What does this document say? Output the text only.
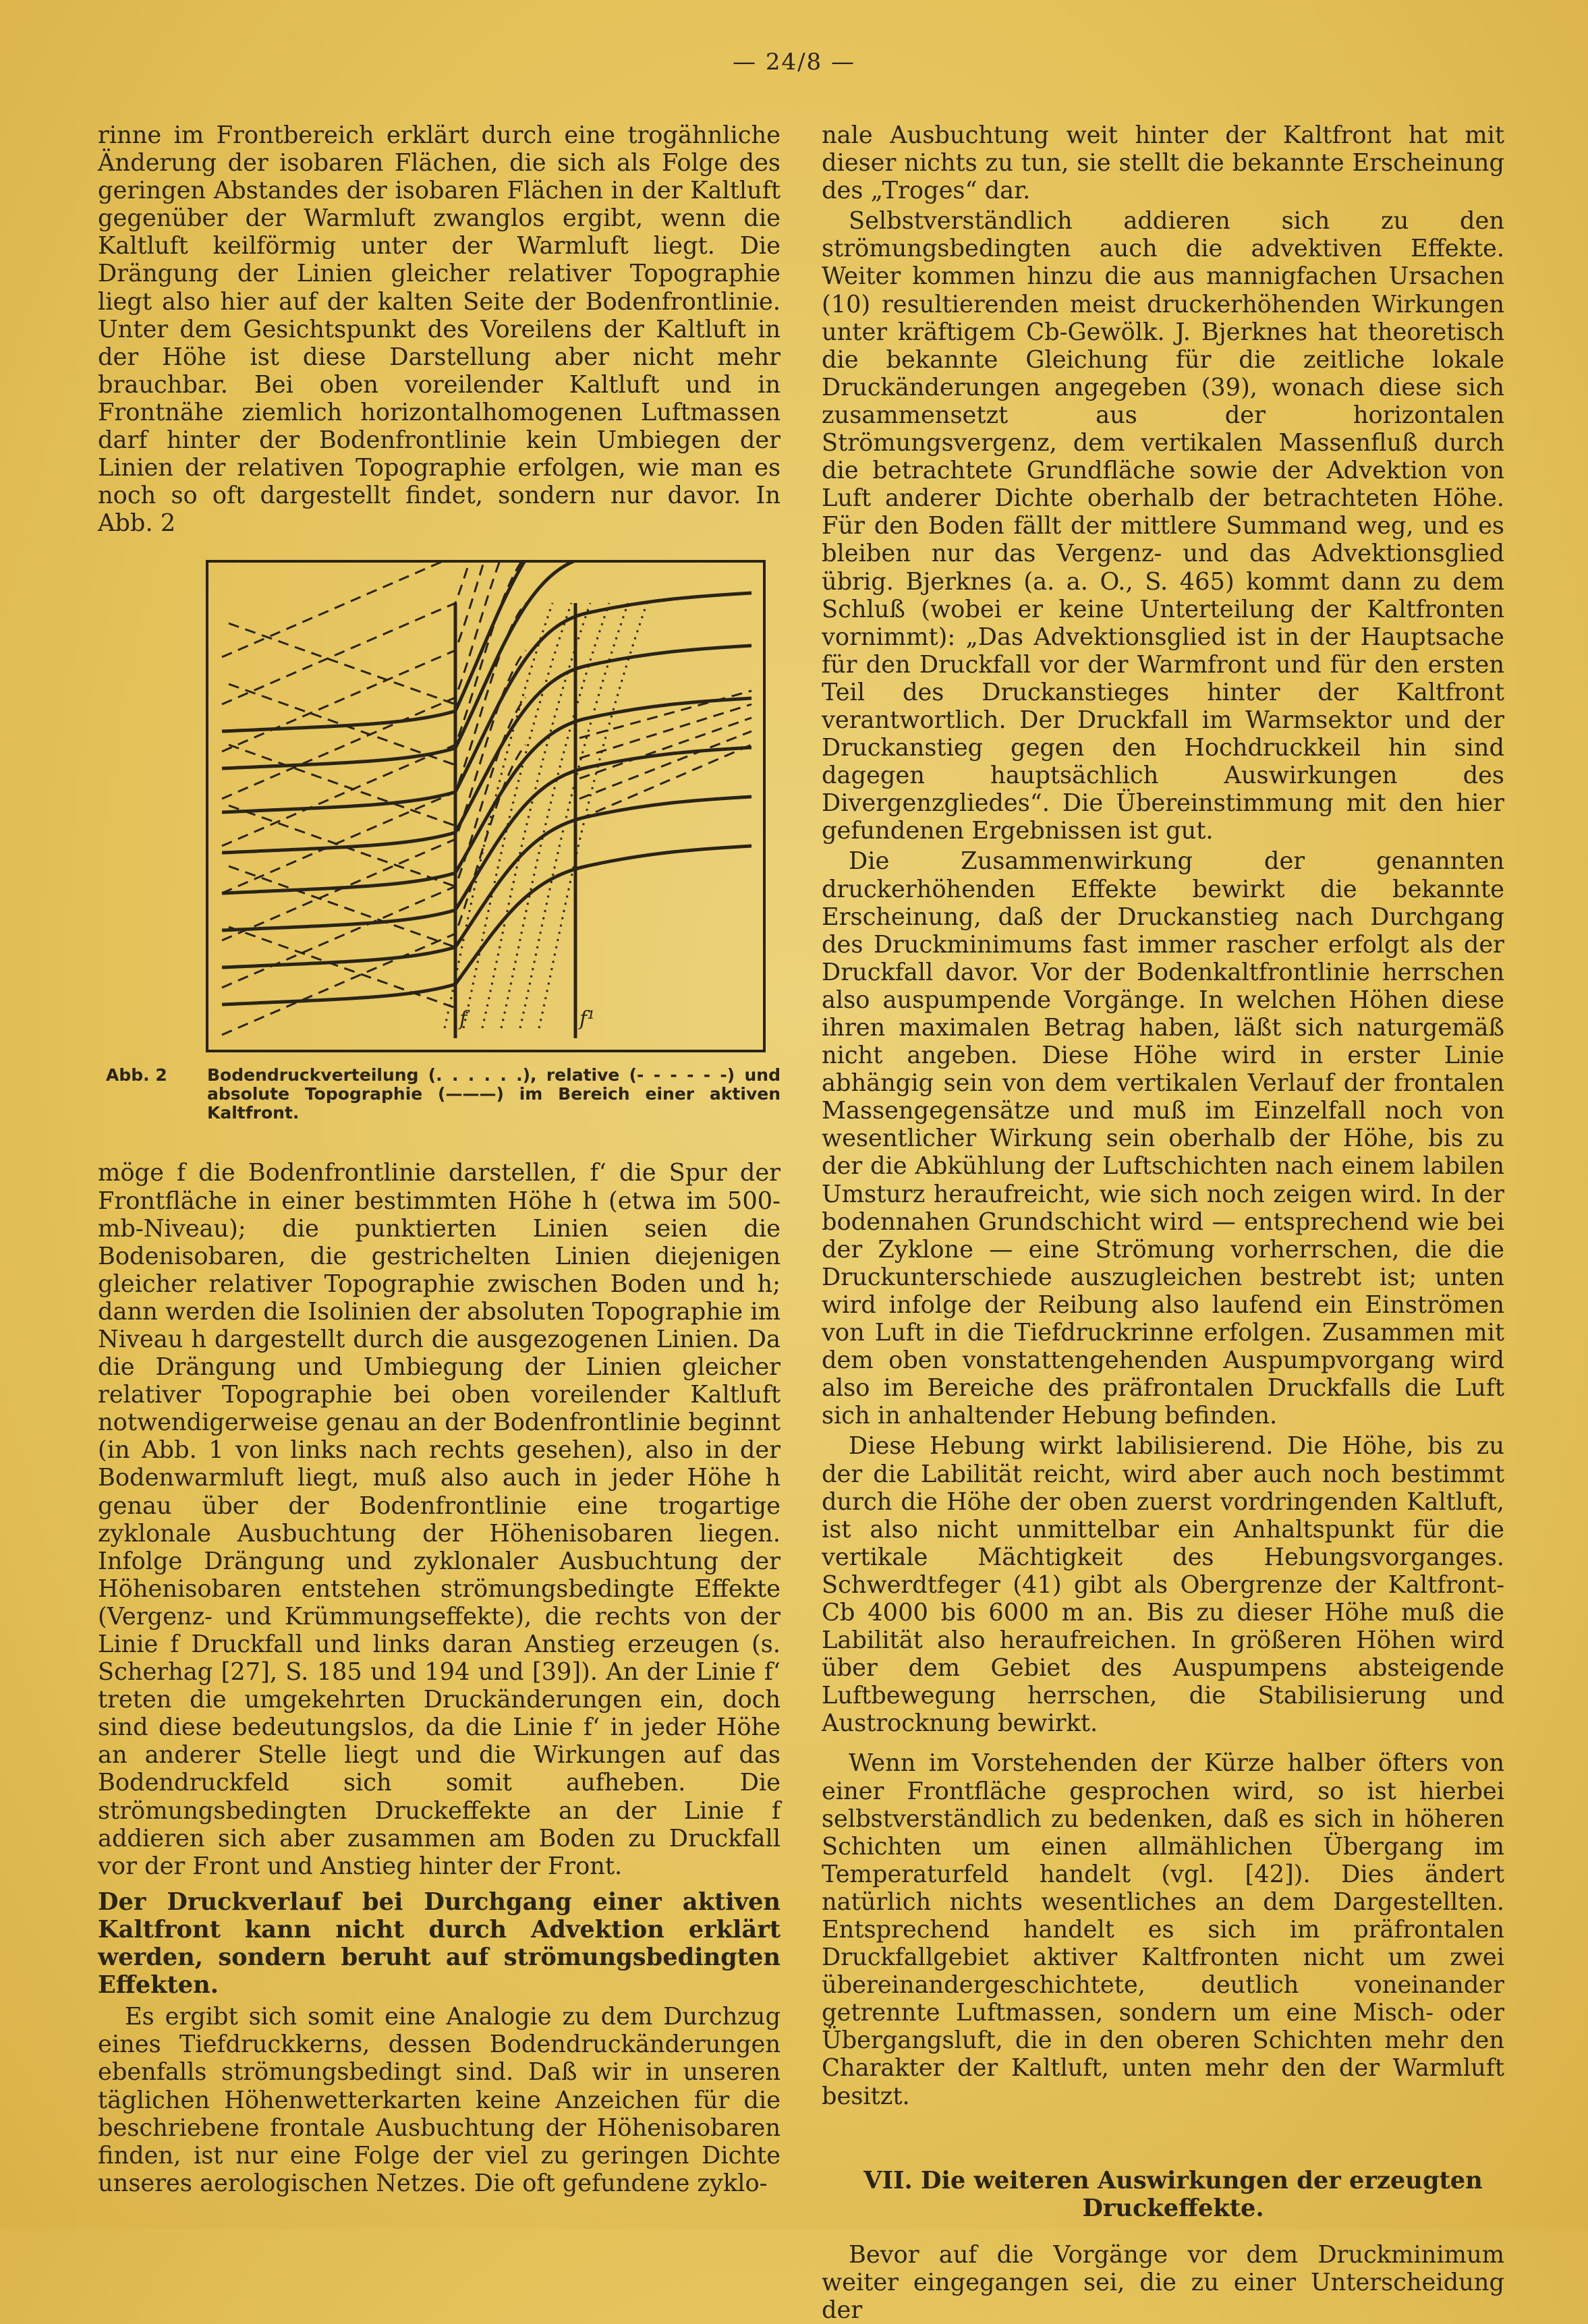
— 24/8 —

rinne im Frontbereich erklärt durch eine trogähnliche Änderung der isobaren Flächen, die sich als Folge des geringen Abstandes der isobaren Flächen in der Kaltluft gegenüber der Warmluft zwanglos ergibt, wenn die Kaltluft keilförmig unter der Warmluft liegt. Die Drängung der Linien gleicher relativer Topographie liegt also hier auf der kalten Seite der Bodenfrontlinie. Unter dem Gesichtspunkt des Voreilens der Kaltluft in der Höhe ist diese Darstellung aber nicht mehr brauchbar. Bei oben voreilender Kaltluft und in Frontnähe ziemlich horizontalhomogenen Luftmassen darf hinter der Bodenfrontlinie kein Umbiegen der Linien der relativen Topographie erfolgen, wie man es noch so oft dargestellt findet, sondern nur davor. In Abb. 2

f	f¹
Abb. 2	Bodendruckverteilung (. . . . . .), relative (- - - - - -) und absolute Topographie (———) im Bereich einer aktiven Kaltfront.

möge f die Bodenfrontlinie darstellen, f‘ die Spur der Frontfläche in einer bestimmten Höhe h (etwa im 500-mb-Niveau); die punktierten Linien seien die Bodenisobaren, die gestrichelten Linien diejenigen gleicher relativer Topographie zwischen Boden und h; dann werden die Isolinien der absoluten Topographie im Niveau h dargestellt durch die ausgezogenen Linien. Da die Drängung und Umbiegung der Linien gleicher relativer Topographie bei oben voreilender Kaltluft notwendigerweise genau an der Bodenfrontlinie beginnt (in Abb. 1 von links nach rechts gesehen), also in der Bodenwarmluft liegt, muß also auch in jeder Höhe h genau über der Bodenfrontlinie eine trogartige zyklonale Ausbuchtung der Höhenisobaren liegen. Infolge Drängung und zyklonaler Ausbuchtung der Höhenisobaren entstehen strömungsbedingte Effekte (Vergenz- und Krümmungseffekte), die rechts von der Linie f Druckfall und links daran Anstieg erzeugen (s. Scherhag [27], S. 185 und 194 und [39]). An der Linie f‘ treten die umgekehrten Druckänderungen ein, doch sind diese bedeutungslos, da die Linie f‘ in jeder Höhe an anderer Stelle liegt und die Wirkungen auf das Bodendruckfeld sich somit aufheben. Die strömungsbedingten Druckeffekte an der Linie f addieren sich aber zusammen am Boden zu Druckfall vor der Front und Anstieg hinter der Front.

Der Druckverlauf bei Durchgang einer aktiven Kaltfront kann nicht durch Advektion erklärt werden, sondern beruht auf strömungsbedingten Effekten.

Es ergibt sich somit eine Analogie zu dem Durchzug eines Tiefdruckkerns, dessen Bodendruckänderungen ebenfalls strömungsbedingt sind. Daß wir in unseren täglichen Höhenwetterkarten keine Anzeichen für die beschriebene frontale Ausbuchtung der Höhenisobaren finden, ist nur eine Folge der viel zu geringen Dichte unseres aerologischen Netzes. Die oft gefundene zyklo-

nale Ausbuchtung weit hinter der Kaltfront hat mit dieser nichts zu tun, sie stellt die bekannte Erscheinung des „Troges“ dar.

Selbstverständlich addieren sich zu den strömungsbedingten auch die advektiven Effekte. Weiter kommen hinzu die aus mannigfachen Ursachen (10) resultierenden meist druckerhöhenden Wirkungen unter kräftigem Cb-Gewölk. J. Bjerknes hat theoretisch die bekannte Gleichung für die zeitliche lokale Druckänderungen angegeben (39), wonach diese sich zusammensetzt aus der horizontalen Strömungsvergenz, dem vertikalen Massenfluß durch die betrachtete Grundfläche sowie der Advektion von Luft anderer Dichte oberhalb der betrachteten Höhe. Für den Boden fällt der mittlere Summand weg, und es bleiben nur das Vergenz- und das Advektionsglied übrig. Bjerknes (a. a. O., S. 465) kommt dann zu dem Schluß (wobei er keine Unterteilung der Kaltfronten vornimmt): „Das Advektionsglied ist in der Hauptsache für den Druckfall vor der Warmfront und für den ersten Teil des Druckanstieges hinter der Kaltfront verantwortlich. Der Druckfall im Warmsektor und der Druckanstieg gegen den Hochdruckkeil hin sind dagegen hauptsächlich Auswirkungen des Divergenzgliedes“. Die Übereinstimmung mit den hier gefundenen Ergebnissen ist gut.

Die Zusammenwirkung der genannten druckerhöhenden Effekte bewirkt die bekannte Erscheinung, daß der Druckanstieg nach Durchgang des Druckminimums fast immer rascher erfolgt als der Druckfall davor. Vor der Bodenkaltfrontlinie herrschen also auspumpende Vorgänge. In welchen Höhen diese ihren maximalen Betrag haben, läßt sich naturgemäß nicht angeben. Diese Höhe wird in erster Linie abhängig sein von dem vertikalen Verlauf der frontalen Massengegensätze und muß im Einzelfall noch von wesentlicher Wirkung sein oberhalb der Höhe, bis zu der die Abkühlung der Luftschichten nach einem labilen Umsturz heraufreicht, wie sich noch zeigen wird. In der bodennahen Grundschicht wird — entsprechend wie bei der Zyklone — eine Strömung vorherrschen, die die Druckunterschiede auszugleichen bestrebt ist; unten wird infolge der Reibung also laufend ein Einströmen von Luft in die Tiefdruckrinne erfolgen. Zusammen mit dem oben vonstattengehenden Auspumpvorgang wird also im Bereiche des präfrontalen Druckfalls die Luft sich in anhaltender Hebung befinden.

Diese Hebung wirkt labilisierend. Die Höhe, bis zu der die Labilität reicht, wird aber auch noch bestimmt durch die Höhe der oben zuerst vordringenden Kaltluft, ist also nicht unmittelbar ein Anhaltspunkt für die vertikale Mächtigkeit des Hebungsvorganges. Schwerdtfeger (41) gibt als Obergrenze der Kaltfront-Cb 4000 bis 6000 m an. Bis zu dieser Höhe muß die Labilität also heraufreichen. In größeren Höhen wird über dem Gebiet des Auspumpens absteigende Luftbewegung herrschen, die Stabilisierung und Austrocknung bewirkt.

Wenn im Vorstehenden der Kürze halber öfters von einer Frontfläche gesprochen wird, so ist hierbei selbstverständlich zu bedenken, daß es sich in höheren Schichten um einen allmählichen Übergang im Temperaturfeld handelt (vgl. [42]). Dies ändert natürlich nichts wesentliches an dem Dargestellten. Entsprechend handelt es sich im präfrontalen Druckfallgebiet aktiver Kaltfronten nicht um zwei übereinandergeschichtete, deutlich voneinander getrennte Luftmassen, sondern um eine Misch- oder Übergangsluft, die in den oberen Schichten mehr den Charakter der Kaltluft, unten mehr den der Warmluft besitzt.

VII. Die weiteren Auswirkungen der erzeugten Druckeffekte.

Bevor auf die Vorgänge vor dem Druckminimum weiter eingegangen sei, die zu einer Unterscheidung der
